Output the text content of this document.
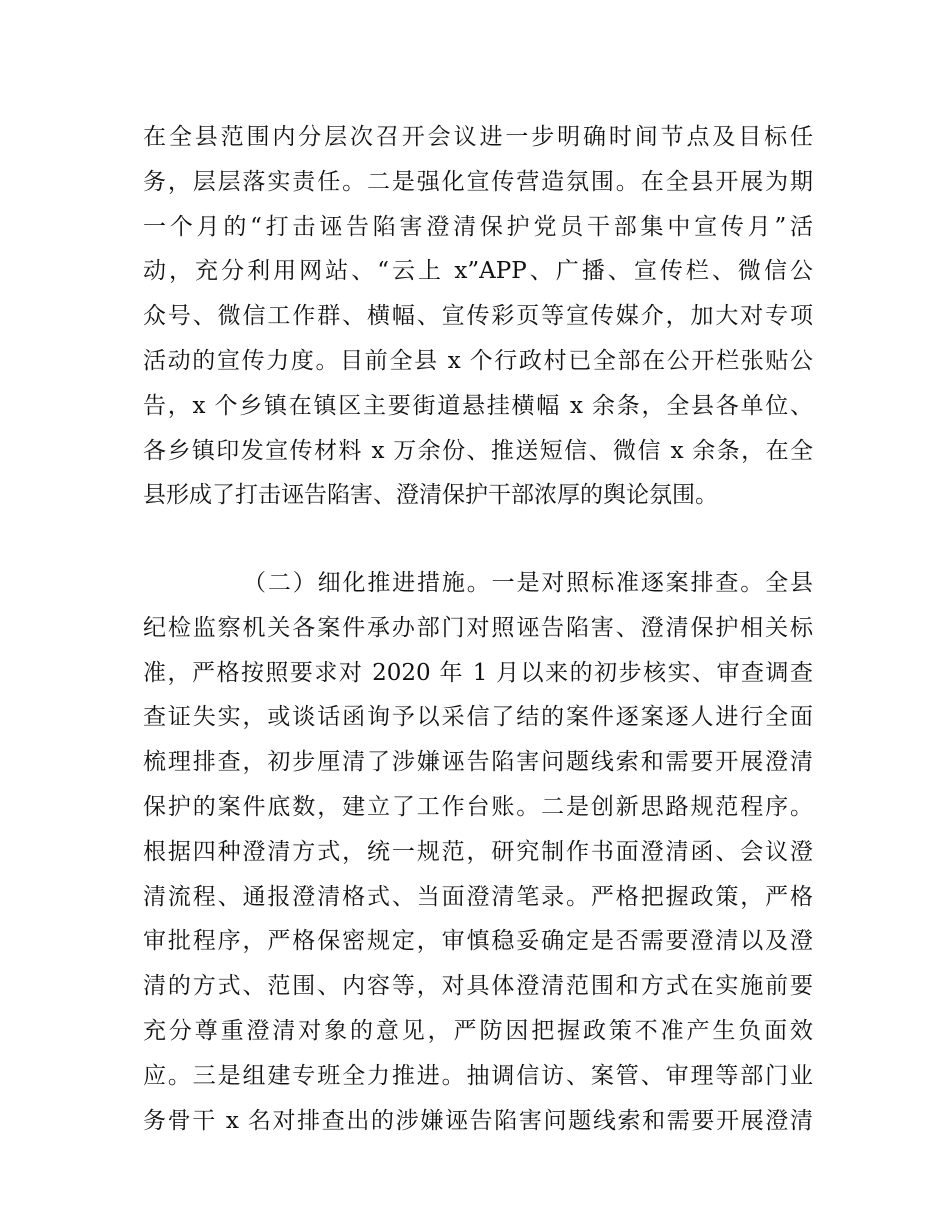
在全县范围内分层次召开会议进一步明确时间节点及目标任
务，层层落实责任。二是强化宣传营造氛围。在全县开展为期
一个月的“打击诬告陷害澄清保护党员干部集中宣传月”活
动，充分利用网站、“云上 x”APP、广播、宣传栏、微信公
众号、微信工作群、横幅、宣传彩页等宣传媒介，加大对专项
活动的宣传力度。目前全县 x 个行政村已全部在公开栏张贴公
告，x 个乡镇在镇区主要街道悬挂横幅 x 余条，全县各单位、
各乡镇印发宣传材料 x 万余份、推送短信、微信 x 余条，在全
县形成了打击诬告陷害、澄清保护干部浓厚的舆论氛围。
（二）细化推进措施。一是对照标准逐案排查。全县
纪检监察机关各案件承办部门对照诬告陷害、澄清保护相关标
准，严格按照要求对 2020 年 1 月以来的初步核实、审查调查
查证失实，或谈话函询予以采信了结的案件逐案逐人进行全面
梳理排查，初步厘清了涉嫌诬告陷害问题线索和需要开展澄清
保护的案件底数，建立了工作台账。二是创新思路规范程序。
根据四种澄清方式，统一规范，研究制作书面澄清函、会议澄
清流程、通报澄清格式、当面澄清笔录。严格把握政策，严格
审批程序，严格保密规定，审慎稳妥确定是否需要澄清以及澄
清的方式、范围、内容等，对具体澄清范围和方式在实施前要
充分尊重澄清对象的意见，严防因把握政策不准产生负面效
应。三是组建专班全力推进。抽调信访、案管、审理等部门业
务骨干 x 名对排查出的涉嫌诬告陷害问题线索和需要开展澄清
